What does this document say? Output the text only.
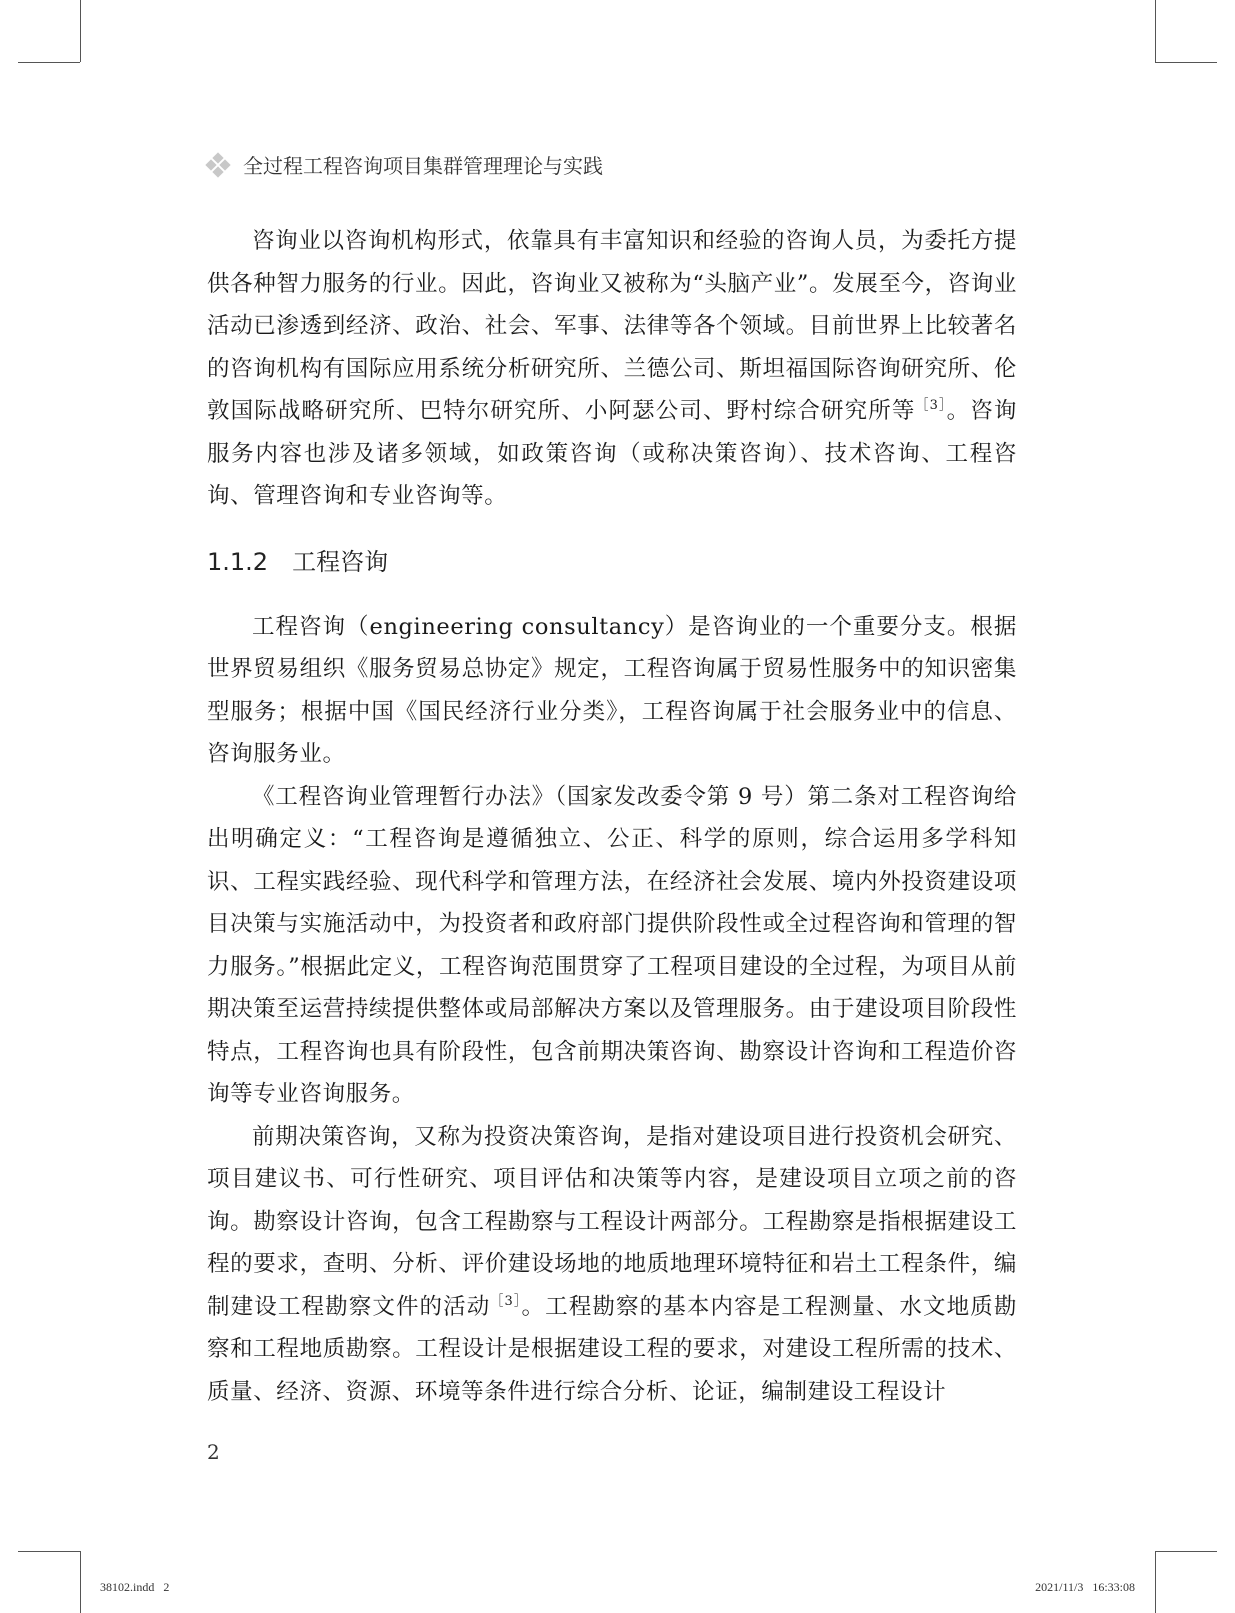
全过程工程咨询项目集群管理理论与实践

咨询业以咨询机构形式，依靠具有丰富知识和经验的咨询人员，为委托方提供各种智力服务的行业。因此，咨询业又被称为“头脑产业”。发展至今，咨询业活动已渗透到经济、政治、社会、军事、法律等各个领域。目前世界上比较著名的咨询机构有国际应用系统分析研究所、兰德公司、斯坦福国际咨询研究所、伦敦国际战略研究所、巴特尔研究所、小阿瑟公司、野村综合研究所等$^{[3]}$。咨询服务内容也涉及诸多领域，如政策咨询（或称决策咨询）、技术咨询、工程咨询、管理咨询和专业咨询等。

1.1.2 工程咨询

工程咨询（engineering consultancy）是咨询业的一个重要分支。根据世界贸易组织《服务贸易总协定》规定，工程咨询属于贸易性服务中的知识密集型服务；根据中国《国民经济行业分类》，工程咨询属于社会服务业中的信息、咨询服务业。

《工程咨询业管理暂行办法》（国家发改委令第 9 号）第二条对工程咨询给出明确定义：“工程咨询是遵循独立、公正、科学的原则，综合运用多学科知识、工程实践经验、现代科学和管理方法，在经济社会发展、境内外投资建设项目决策与实施活动中，为投资者和政府部门提供阶段性或全过程咨询和管理的智力服务。”根据此定义，工程咨询范围贯穿了工程项目建设的全过程，为项目从前期决策至运营持续提供整体或局部解决方案以及管理服务。由于建设项目阶段性特点，工程咨询也具有阶段性，包含前期决策咨询、勘察设计咨询和工程造价咨询等专业咨询服务。

前期决策咨询，又称为投资决策咨询，是指对建设项目进行投资机会研究、项目建议书、可行性研究、项目评估和决策等内容，是建设项目立项之前的咨询。勘察设计咨询，包含工程勘察与工程设计两部分。工程勘察是指根据建设工程的要求，查明、分析、评价建设场地的地质地理环境特征和岩土工程条件，编制建设工程勘察文件的活动$^{[3]}$。工程勘察的基本内容是工程测量、水文地质勘察和工程地质勘察。工程设计是根据建设工程的要求，对建设工程所需的技术、质量、经济、资源、环境等条件进行综合分析、论证，编制建设工程设计

2
38102.indd   2	2021/11/3   16:33:08
